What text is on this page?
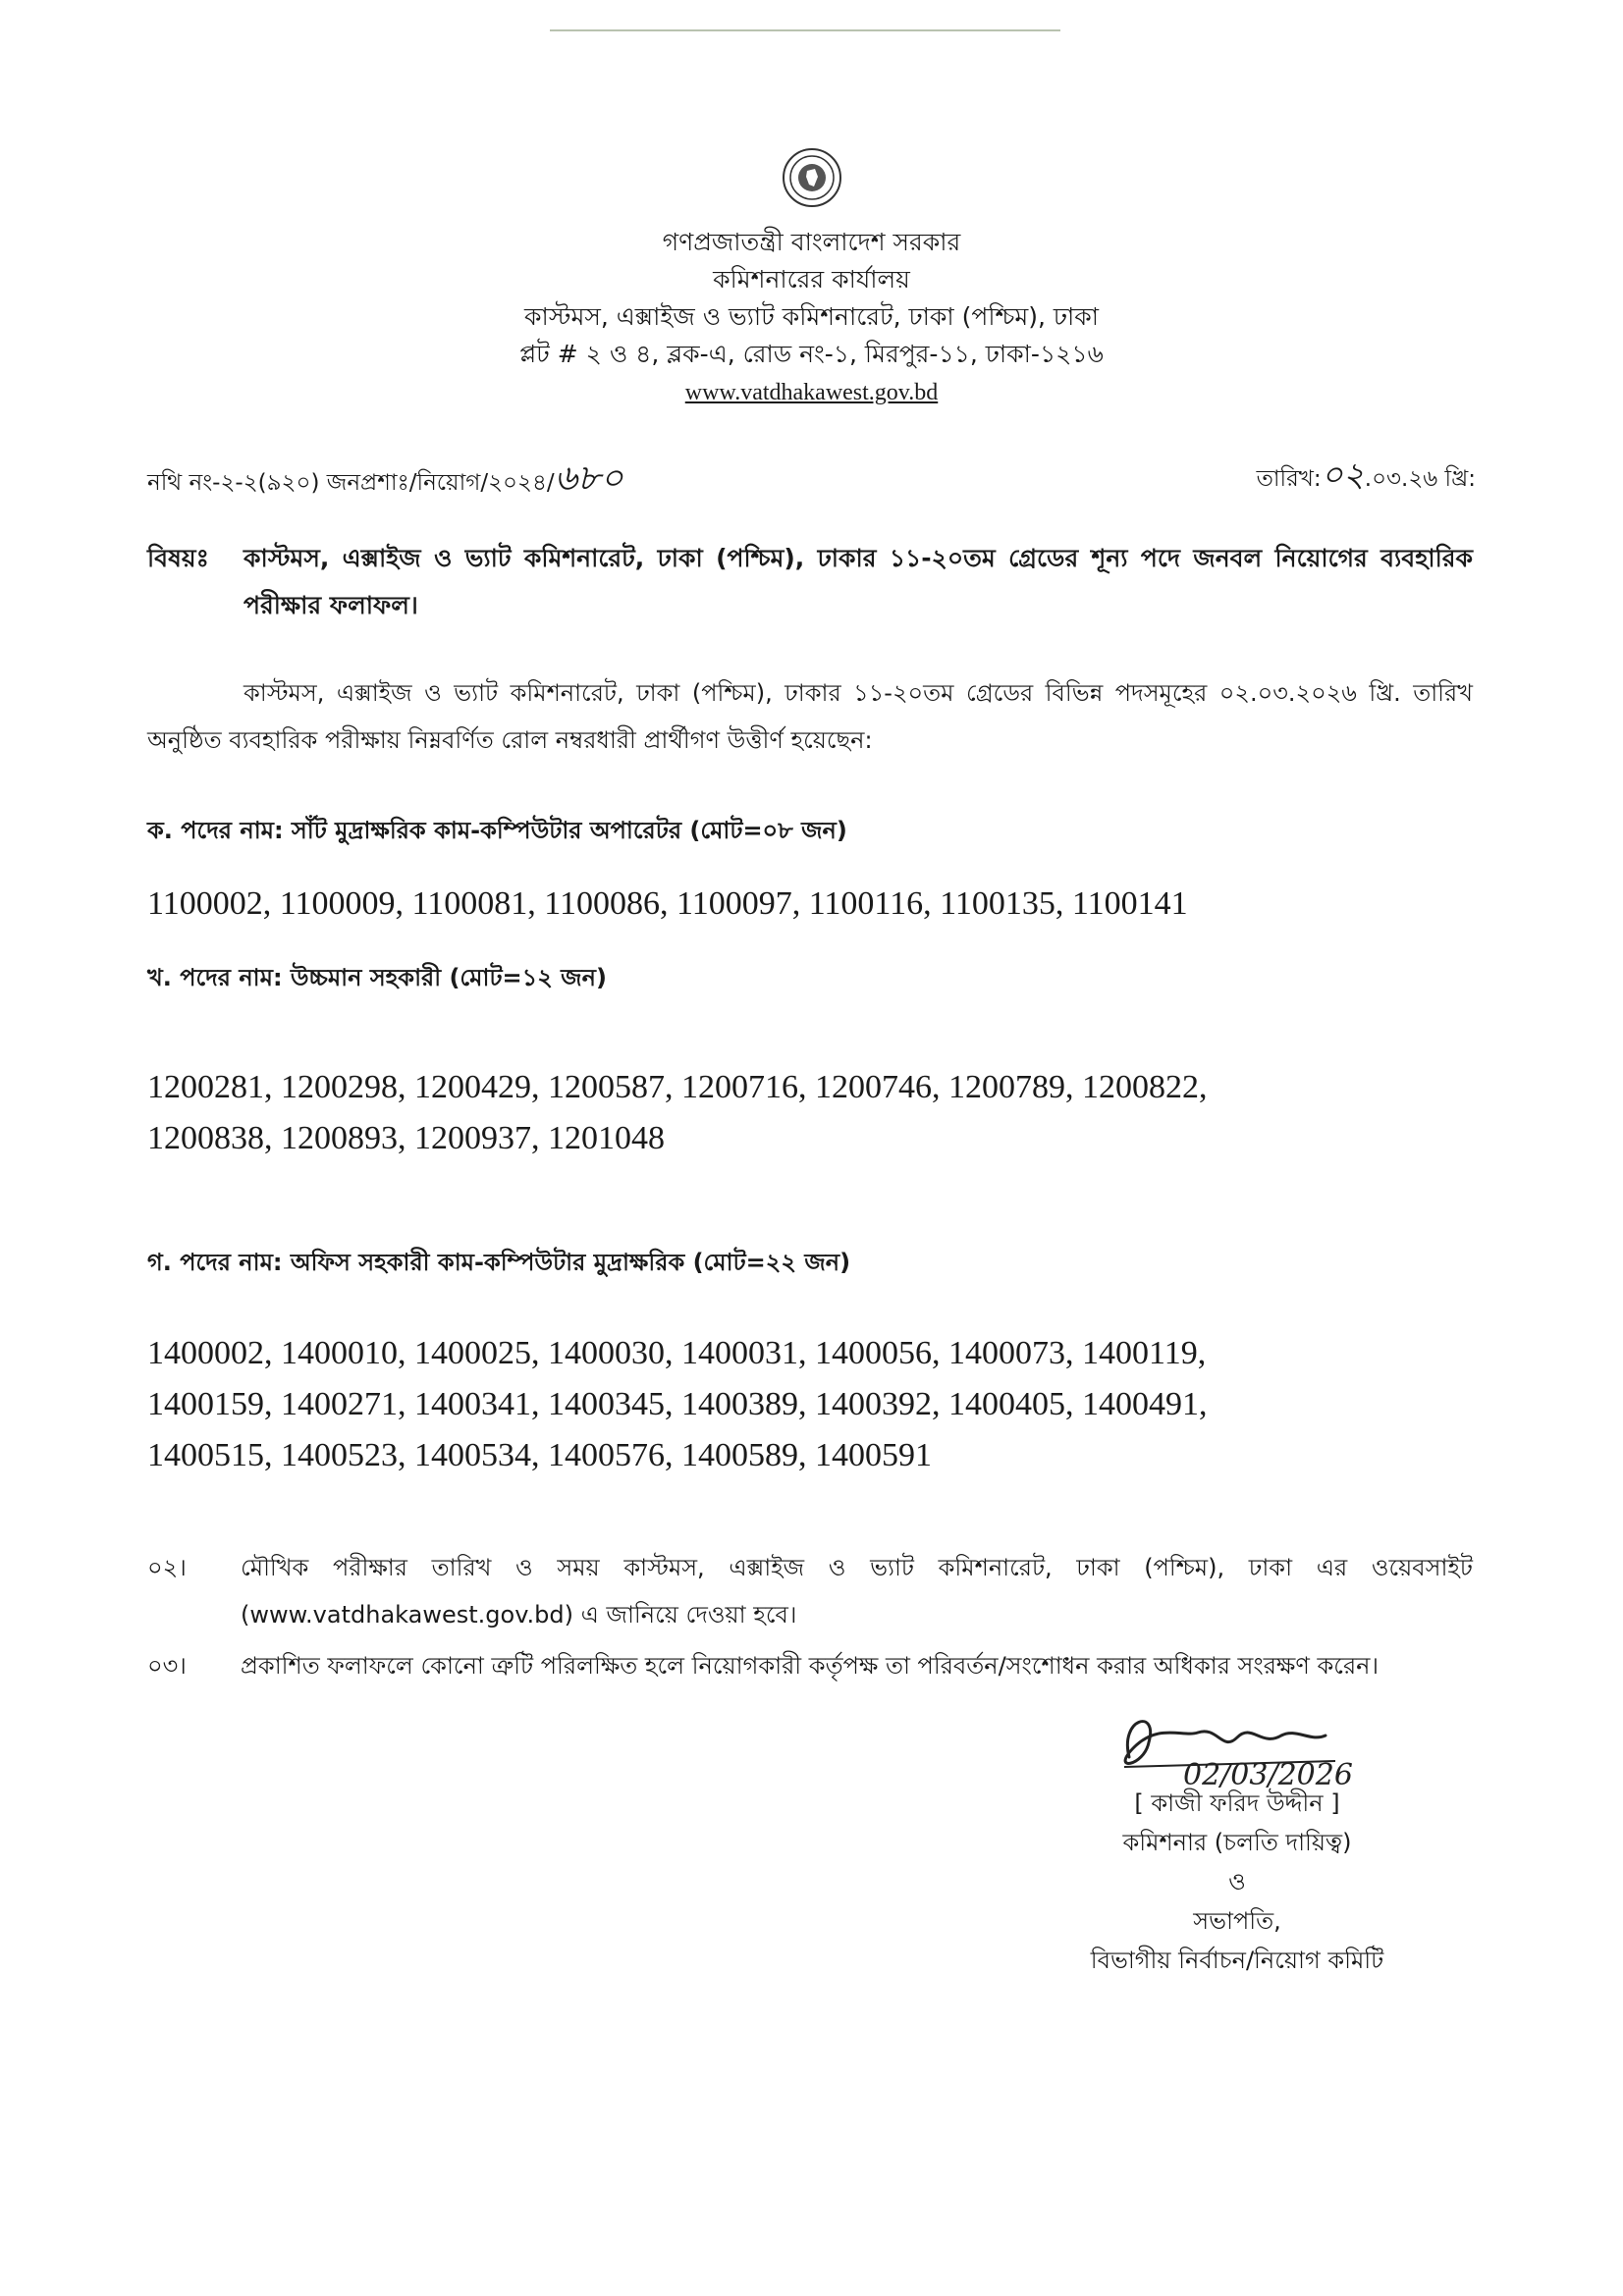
গণপ্রজাতন্ত্রী বাংলাদেশ সরকার
কমিশনারের কার্যালয়
কাস্টমস, এক্সাইজ ও ভ্যাট কমিশনারেট, ঢাকা (পশ্চিম), ঢাকা
প্লট # ২ ও ৪, ব্লক-এ, রোড নং-১, মিরপুর-১১, ঢাকা-১২১৬
www.vatdhakawest.gov.bd
নথি নং-২-২(৯২০) জনপ্রশাঃ/নিয়োগ/২০২৪/৬৮০	তারিখ:০২.০৩.২৬ খ্রি:
বিষয়ঃ	কাস্টমস, এক্সাইজ ও ভ্যাট কমিশনারেট, ঢাকা (পশ্চিম), ঢাকার ১১-২০তম গ্রেডের শূন্য পদে জনবল নিয়োগের ব্যবহারিক পরীক্ষার ফলাফল।
কাস্টমস, এক্সাইজ ও ভ্যাট কমিশনারেট, ঢাকা (পশ্চিম), ঢাকার ১১-২০তম গ্রেডের বিভিন্ন পদসমূহের ০২.০৩.২০২৬ খ্রি. তারিখ অনুষ্ঠিত ব্যবহারিক পরীক্ষায় নিম্নবর্ণিত রোল নম্বরধারী প্রার্থীগণ উত্তীর্ণ হয়েছেন:
ক. পদের নাম: সাঁট মুদ্রাক্ষরিক কাম-কম্পিউটার অপারেটর (মোট=০৮ জন)
1100002, 1100009, 1100081, 1100086, 1100097, 1100116, 1100135, 1100141
খ. পদের নাম: উচ্চমান সহকারী (মোট=১২ জন)
1200281, 1200298, 1200429, 1200587, 1200716, 1200746, 1200789, 1200822,
1200838, 1200893, 1200937, 1201048
গ. পদের নাম: অফিস সহকারী কাম-কম্পিউটার মুদ্রাক্ষরিক (মোট=২২ জন)
1400002, 1400010, 1400025, 1400030, 1400031, 1400056, 1400073, 1400119,
1400159, 1400271, 1400341, 1400345, 1400389, 1400392, 1400405, 1400491,
1400515, 1400523, 1400534, 1400576, 1400589, 1400591
০২।	মৌখিক পরীক্ষার তারিখ ও সময় কাস্টমস, এক্সাইজ ও ভ্যাট কমিশনারেট, ঢাকা (পশ্চিম), ঢাকা এর ওয়েবসাইট (www.vatdhakawest.gov.bd) এ জানিয়ে দেওয়া হবে।
০৩।	প্রকাশিত ফলাফলে কোনো ত্রুটি পরিলক্ষিত হলে নিয়োগকারী কর্তৃপক্ষ তা পরিবর্তন/সংশোধন করার অধিকার সংরক্ষণ করেন।
02/03/2026
[ কাজী ফরিদ উদ্দীন ]
কমিশনার (চলতি দায়িত্ব)
ও
সভাপতি,
বিভাগীয় নির্বাচন/নিয়োগ কমিটি
